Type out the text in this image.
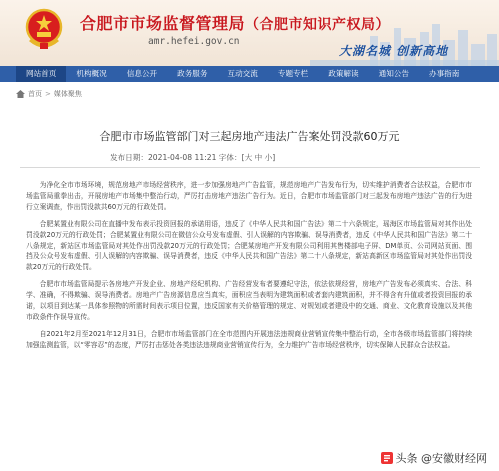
合肥市市场监督管理局（合肥市知识产权局）
amr.hefei.gov.cn
大湖名城 创新高地
网站首页	机构概况	信息公开	政务服务	互动交流	专题专栏	政策解读	通知公告	办事指南
首页 > 媒体聚焦
合肥市市场监管部门对三起房地产违法广告案处罚没款60万元
发布日期：2021-04-08 11:21 字体：[大 中 小]

为净化全市市场环境，规范房地产市场经营秩序，进一步加强房地产广告监管，规范房地产广告发布行为，切实维护消费者合法权益，合肥市市场监管局重拳出击，开展房地产市场集中整治行动，严厉打击房地产违法广告行为。近日，合肥市市场监管部门对三起发布房地产违法广告的行为进行立案调查，作出罚没款共60万元的行政处罚。

合肥某置业有限公司在直播中发布表示投资回报的承诺用语，违反了《中华人民共和国广告法》第二十六条规定，瑶海区市场监管局对其作出处罚没款20万元的行政处罚；合肥某置业有限公司在微信公众号发布虚假、引人误解的内容欺骗、误导消费者，违反《中华人民共和国广告法》第二十八条规定，新站区市场监管局对其处作出罚没款20万元的行政处罚；合肥某房地产开发有限公司利用其售楼部电子屏、DM单页、公司网站页面、围挡及公众号发布虚假、引人误解的内容欺骗、误导消费者，违反《中华人民共和国广告法》第二十八条规定，新站高新区市场监管局对其处作出罚没款20万元的行政处罚。

合肥市市场监管局提示各房地产开发企业、房地产经纪机构、广告经营发布者要遵纪守法，依法依规经营，房地产广告发布必须真实、合法、科学、准确，不得欺骗、误导消费者。房地产广告房源信息应当真实，面积应当表明为建筑面积或者套内建筑面积，并不得含有升值或者投资回报的承诺，以项目到达某一具体参照物的所需时间表示项目位置，违反国家有关价格管理的规定、对规划或者建设中的交通、商业、文化教育设施以及其他市政条件作误导宣传。

自2021年2月至2021年12月31日，合肥市市场监管部门在全市范围内开展违法违规商业营销宣传集中整治行动，全市各级市场监管部门将持续加强监测监管，以“零容忍”的态度，严厉打击惩处各类违法违规商业营销宣传行为，全力维护广告市场经营秩序，切实保障人民群众合法权益。

头条 @安徽财经网
